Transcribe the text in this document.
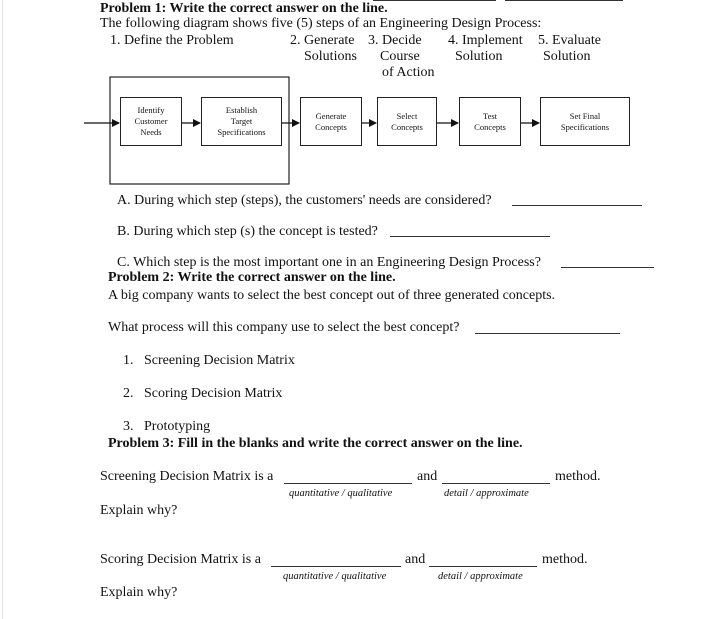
Problem 1: Write the correct answer on the line.
The following diagram shows five (5) steps of an Engineering Design Process:
1. Define the Problem	2. Generate
Solutions
3. Decide
Course
of Action
4. Implement
Solution
5. Evaluate
Solution
Identify
Customer
Needs
Establish
Target
Specifications
Generate
Concepts
Select
Concepts
Test
Concepts
Set Final
Specifications
A. During which step (steps), the customers' needs are considered?
B. During which step (s) the concept is tested?
C. Which step is the most important one in an Engineering Design Process?
Problem 2: Write the correct answer on the line.
A big company wants to select the best concept out of three generated concepts.
What process will this company use to select the best concept?
1.   Screening Decision Matrix
2.   Scoring Decision Matrix
3.   Prototyping
Problem 3: Fill in the blanks and write the correct answer on the line.
Screening Decision Matrix is a	and	method.
quantitative / qualitative	detail / approximate
Explain why?
Scoring Decision Matrix is a	and	method.
quantitative / qualitative	detail / approximate
Explain why?
